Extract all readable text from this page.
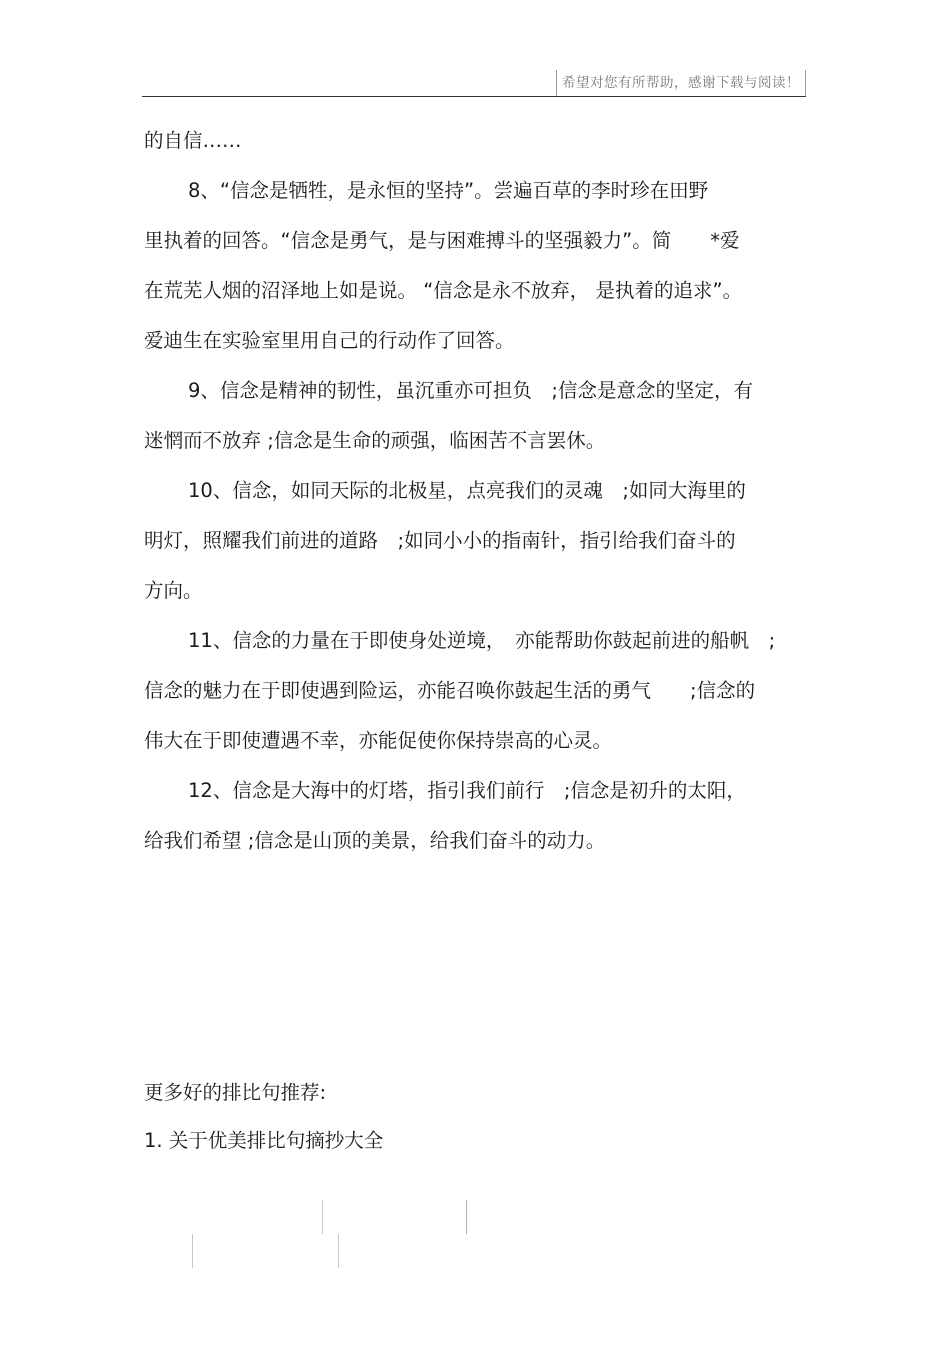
希望对您有所帮助，感谢下载与阅读！
的自信……
8、“信念是牺牲，是永恒的坚持”。尝遍百草的李时珍在田野
里执着的回答。“信念是勇气，是与困难搏斗的坚强毅力”。简　　*爱
在荒芜人烟的沼泽地上如是说。 “信念是永不放弃， 是执着的追求”。
爱迪生在实验室里用自己的行动作了回答。
9、信念是精神的韧性，虽沉重亦可担负　;信念是意念的坚定，有
迷惘而不放弃 ;信念是生命的顽强，临困苦不言罢休。
10、信念，如同天际的北极星，点亮我们的灵魂　;如同大海里的
明灯，照耀我们前进的道路　;如同小小的指南针，指引给我们奋斗的
方向。
11、信念的力量在于即使身处逆境，　亦能帮助你鼓起前进的船帆　;
信念的魅力在于即使遇到险运，亦能召唤你鼓起生活的勇气　　;信念的
伟大在于即使遭遇不幸，亦能促使你保持崇高的心灵。
12、信念是大海中的灯塔，指引我们前行　;信念是初升的太阳，
给我们希望 ;信念是山顶的美景，给我们奋斗的动力。
更多好的排比句推荐:
1. 关于优美排比句摘抄大全
